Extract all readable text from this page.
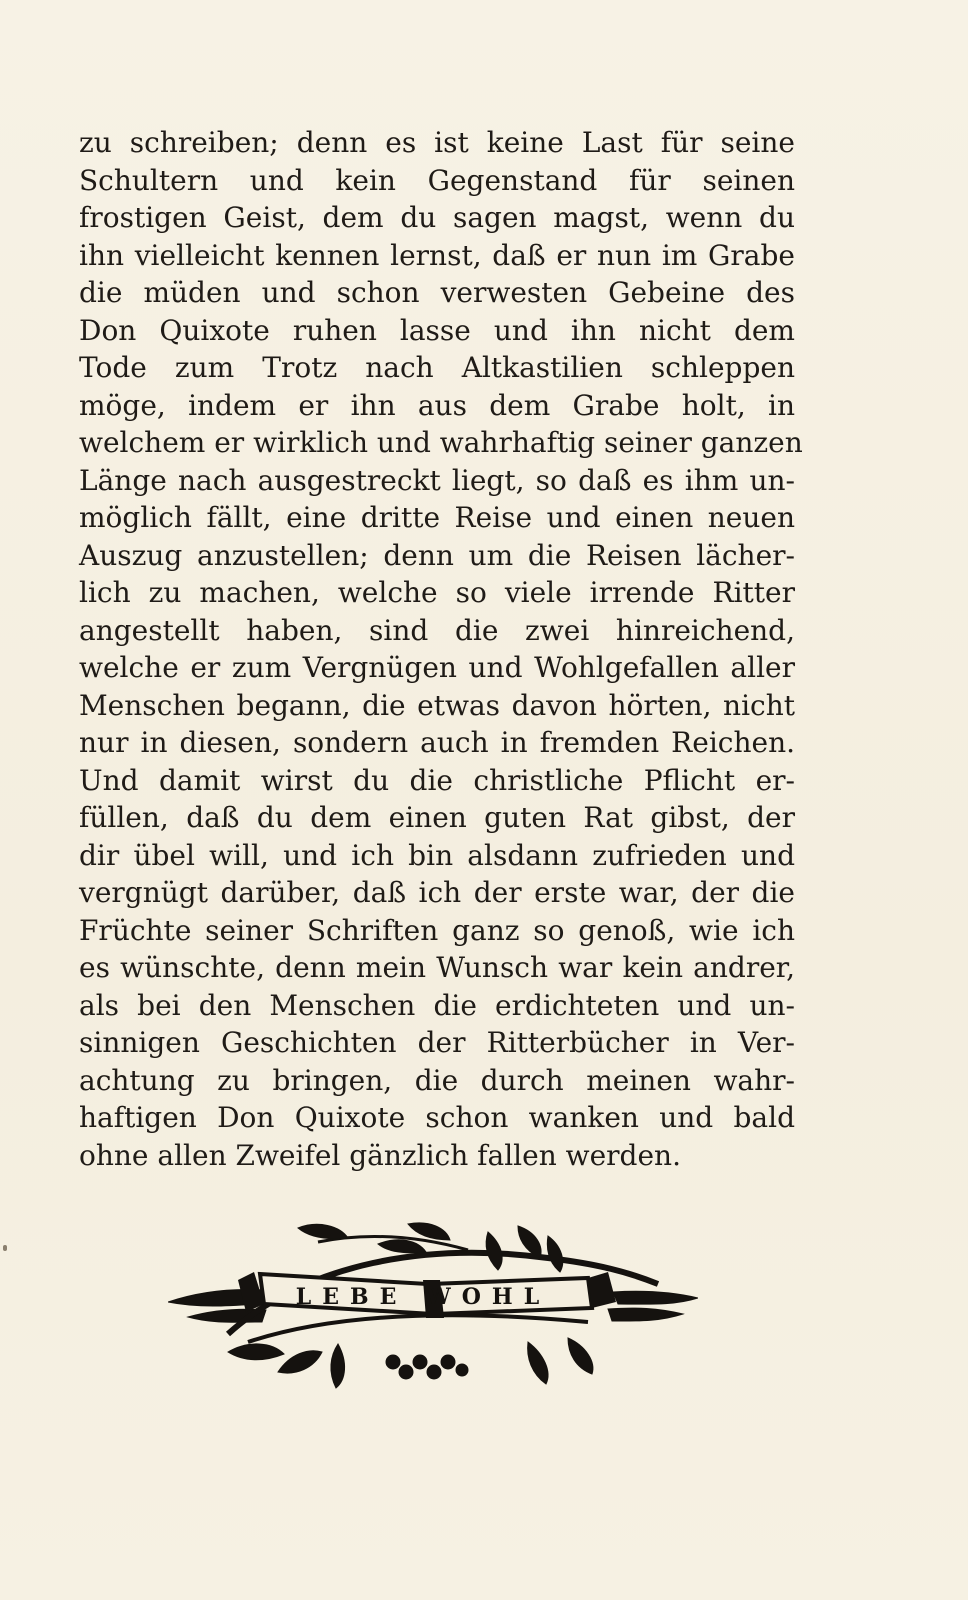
zu schreiben; denn es ist keine Last für seine
Schultern und kein Gegenstand für seinen
frostigen Geist, dem du sagen magst, wenn du
ihn vielleicht kennen lernst, daß er nun im Grabe
die müden und schon verwesten Gebeine des
Don Quixote ruhen lasse und ihn nicht dem
Tode zum Trotz nach Altkastilien schleppen
möge, indem er ihn aus dem Grabe holt, in
welchem er wirklich und wahrhaftig seiner ganzen
Länge nach ausgestreckt liegt, so daß es ihm un-
möglich fällt, eine dritte Reise und einen neuen
Auszug anzustellen; denn um die Reisen lächer-
lich zu machen, welche so viele irrende Ritter
angestellt haben, sind die zwei hinreichend,
welche er zum Vergnügen und Wohlgefallen aller
Menschen begann, die etwas davon hörten, nicht
nur in diesen, sondern auch in fremden Reichen.
Und damit wirst du die christliche Pflicht er-
füllen, daß du dem einen guten Rat gibst, der
dir übel will, und ich bin alsdann zufrieden und
vergnügt darüber, daß ich der erste war, der die
Früchte seiner Schriften ganz so genoß, wie ich
es wünschte, denn mein Wunsch war kein andrer,
als bei den Menschen die erdichteten und un-
sinnigen Geschichten der Ritterbücher in Ver-
achtung zu bringen, die durch meinen wahr-
haftigen Don Quixote schon wanken und bald
ohne allen Zweifel gänzlich fallen werden.
LEBE WOHL
